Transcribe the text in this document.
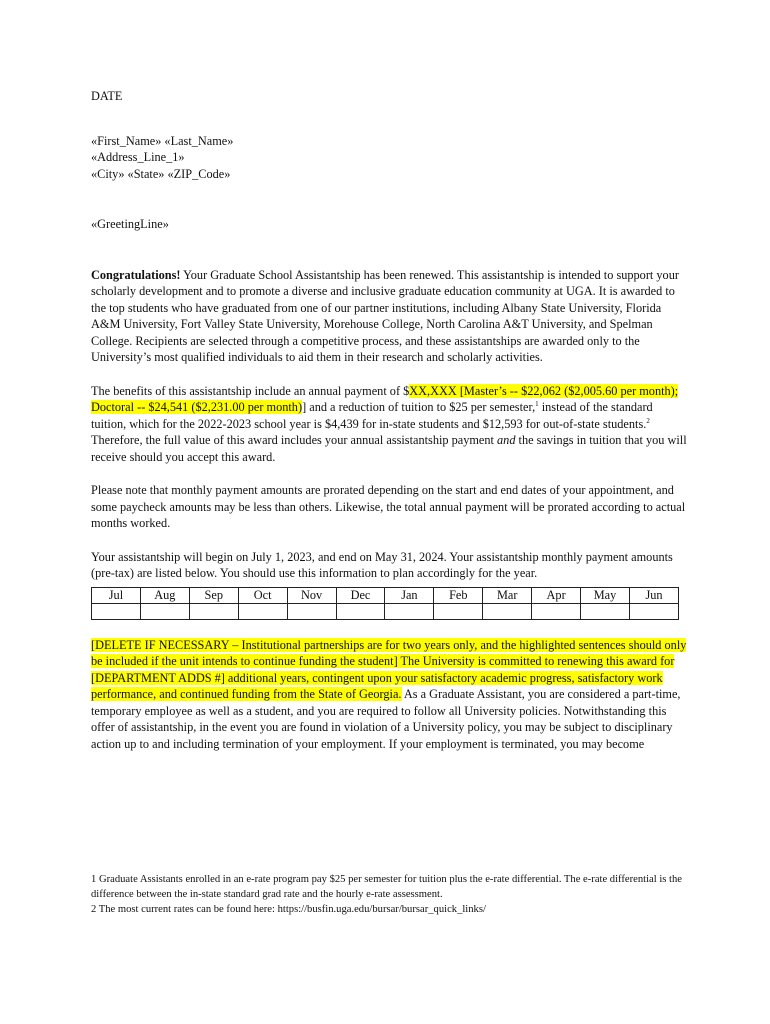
DATE

«First_Name» «Last_Name»

«Address_Line_1»

«City» «State» «ZIP_Code»

«GreetingLine»

Congratulations! Your Graduate School Assistantship has been renewed. This assistantship is intended to support your scholarly development and to promote a diverse and inclusive graduate education community at UGA. It is awarded to the top students who have graduated from one of our partner institutions, including Albany State University, Florida A&M University, Fort Valley State University, Morehouse College, North Carolina A&T University, and Spelman College. Recipients are selected through a competitive process, and these assistantships are awarded only to the University’s most qualified individuals to aid them in their research and scholarly activities.

The benefits of this assistantship include an annual payment of $XX,XXX [Master’s -- $22,062 ($2,005.60 per month); Doctoral -- $24,541 ($2,231.00 per month)] and a reduction of tuition to $25 per semester,$^1$ instead of the standard tuition, which for the 2022-2023 school year is $4,439 for in-state students and $12,593 for out-of-state students.$^2$ Therefore, the full value of this award includes your annual assistantship payment and the savings in tuition that you will receive should you accept this award.

Please note that monthly payment amounts are prorated depending on the start and end dates of your appointment, and some paycheck amounts may be less than others. Likewise, the total annual payment will be prorated according to actual months worked.

Your assistantship will begin on July 1, 2023, and end on May 31, 2024. Your assistantship monthly payment amounts (pre-tax) are listed below. You should use this information to plan accordingly for the year.

Jul	Aug	Sep	Oct	Nov	Dec	Jan	Feb	Mar	Apr	May	Jun

[DELETE IF NECESSARY – Institutional partnerships are for two years only, and the highlighted sentences should only be included if the unit intends to continue funding the student] The University is committed to renewing this award for [DEPARTMENT ADDS #] additional years, contingent upon your satisfactory academic progress, satisfactory work performance, and continued funding from the State of Georgia. As a Graduate Assistant, you are considered a part-time, temporary employee as well as a student, and you are required to follow all University policies. Notwithstanding this offer of assistantship, in the event you are found in violation of a University policy, you may be subject to disciplinary action up to and including termination of your employment. If your employment is terminated, you may become

1 Graduate Assistants enrolled in an e-rate program pay $25 per semester for tuition plus the e-rate differential. The e-rate differential is the difference between the in-state standard grad rate and the hourly e-rate assessment.

2 The most current rates can be found here: https://busfin.uga.edu/bursar/bursar_quick_links/
